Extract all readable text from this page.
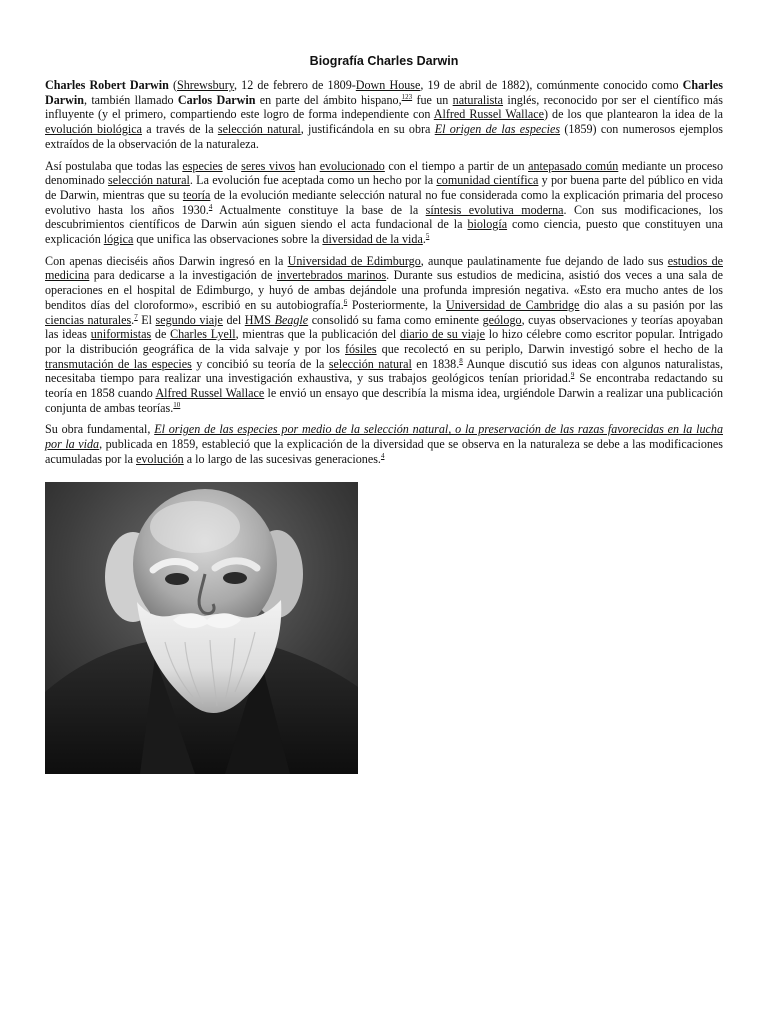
Biografía Charles Darwin

Charles Robert Darwin (Shrewsbury, 12 de febrero de 1809-Down House, 19 de abril de 1882), comúnmente conocido como Charles Darwin, también llamado Carlos Darwin en parte del ámbito hispano,$^{123}$ fue un naturalista inglés, reconocido por ser el científico más influyente (y el primero, compartiendo este logro de forma independiente con Alfred Russel Wallace) de los que plantearon la idea de la evolución biológica a través de la selección natural, justificándola en su obra El origen de las especies (1859) con numerosos ejemplos extraídos de la observación de la naturaleza.

Así postulaba que todas las especies de seres vivos han evolucionado con el tiempo a partir de un antepasado común mediante un proceso denominado selección natural. La evolución fue aceptada como un hecho por la comunidad científica y por buena parte del público en vida de Darwin, mientras que su teoría de la evolución mediante selección natural no fue considerada como la explicación primaria del proceso evolutivo hasta los años 1930.$^4$ Actualmente constituye la base de la síntesis evolutiva moderna. Con sus modificaciones, los descubrimientos científicos de Darwin aún siguen siendo el acta fundacional de la biología como ciencia, puesto que constituyen una explicación lógica que unifica las observaciones sobre la diversidad de la vida.$^5$

Con apenas dieciséis años Darwin ingresó en la Universidad de Edimburgo, aunque paulatinamente fue dejando de lado sus estudios de medicina para dedicarse a la investigación de invertebrados marinos. Durante sus estudios de medicina, asistió dos veces a una sala de operaciones en el hospital de Edimburgo, y huyó de ambas dejándole una profunda impresión negativa. «Esto era mucho antes de los benditos días del cloroformo», escribió en su autobiografía.$^6$ Posteriormente, la Universidad de Cambridge dio alas a su pasión por las ciencias naturales.$^7$ El segundo viaje del HMS Beagle consolidó su fama como eminente geólogo, cuyas observaciones y teorías apoyaban las ideas uniformistas de Charles Lyell, mientras que la publicación del diario de su viaje lo hizo célebre como escritor popular. Intrigado por la distribución geográfica de la vida salvaje y por los fósiles que recolectó en su periplo, Darwin investigó sobre el hecho de la transmutación de las especies y concibió su teoría de la selección natural en 1838.$^8$ Aunque discutió sus ideas con algunos naturalistas, necesitaba tiempo para realizar una investigación exhaustiva, y sus trabajos geológicos tenían prioridad.$^9$ Se encontraba redactando su teoría en 1858 cuando Alfred Russel Wallace le envió un ensayo que describía la misma idea, urgiéndole Darwin a realizar una publicación conjunta de ambas teorías.$^{10}$

Su obra fundamental, El origen de las especies por medio de la selección natural, o la preservación de las razas favorecidas en la lucha por la vida, publicada en 1859, estableció que la explicación de la diversidad que se observa en la naturaleza se debe a las modificaciones acumuladas por la evolución a lo largo de las sucesivas generaciones.$^4$
